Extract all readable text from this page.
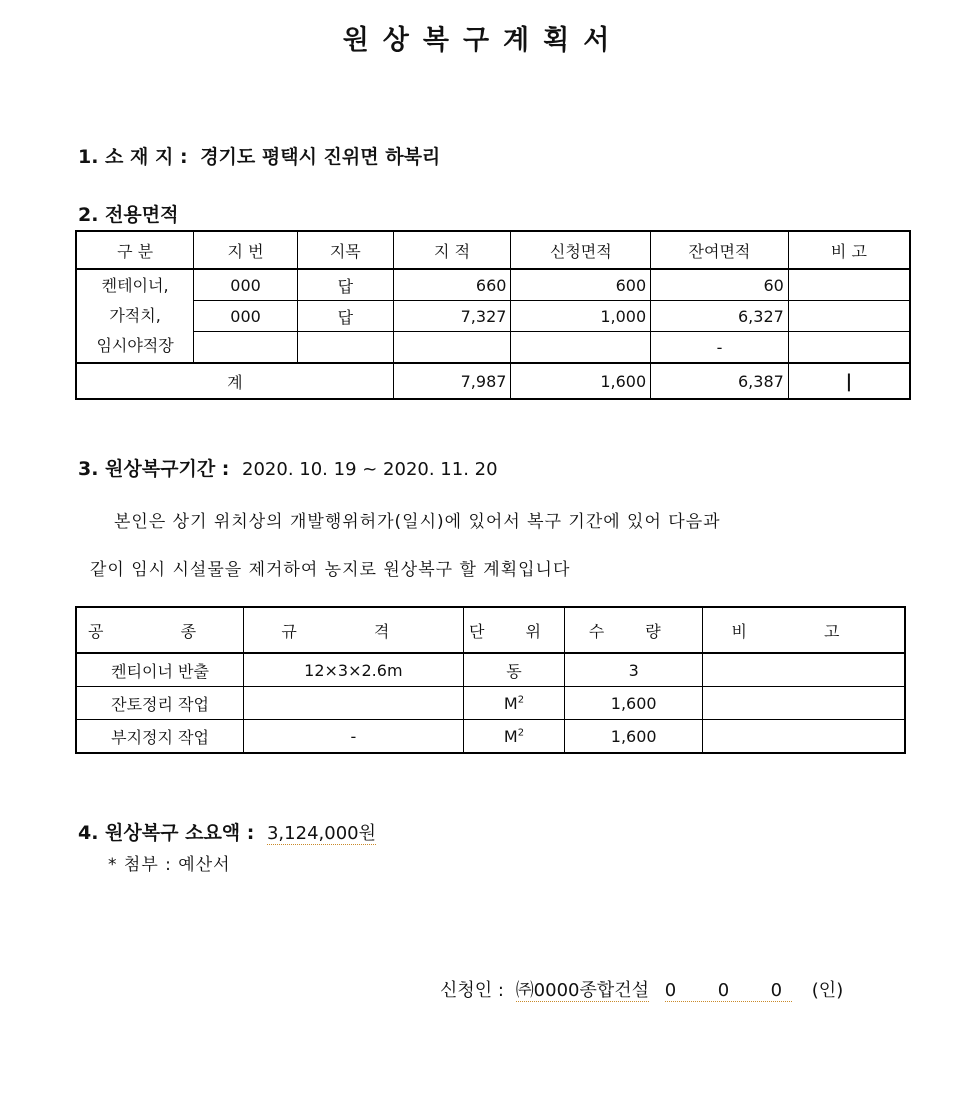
원상복구계획서
1. 소 재 지 : 경기도 평택시 진위면 하북리
2. 전용면적
구 분	지 번	지목	지 적	신청면적	잔여면적	비 고

켄테이너,
가적치,
임시야적장	000	답	660	600	60	
	000	답	7,327	1,000	6,327	
					-	
계			7,987	1,600	6,387	|
3. 원상복구기간 : 2020. 10. 19 ~ 2020. 11. 20
본인은 상기 위치상의 개발행위허가(일시)에 있어서 복구 기간에 있어 다음과
같이 임시 시설물을 제거하여 농지로 원상복구 할 계획입니다
공 종	규 격	단 위	수 량	비 고
켄티이너 반출	12×3×2.6m	동	3	
잔토정리 작업		$M^2$	1,600	
부지정지 작업	-	$M^2$	1,600	
4. 원상복구 소요액 : 3,124,000원
* 첨부 : 예산서
신청인 : ㈜0000종합건설 0  0  0 (인)
